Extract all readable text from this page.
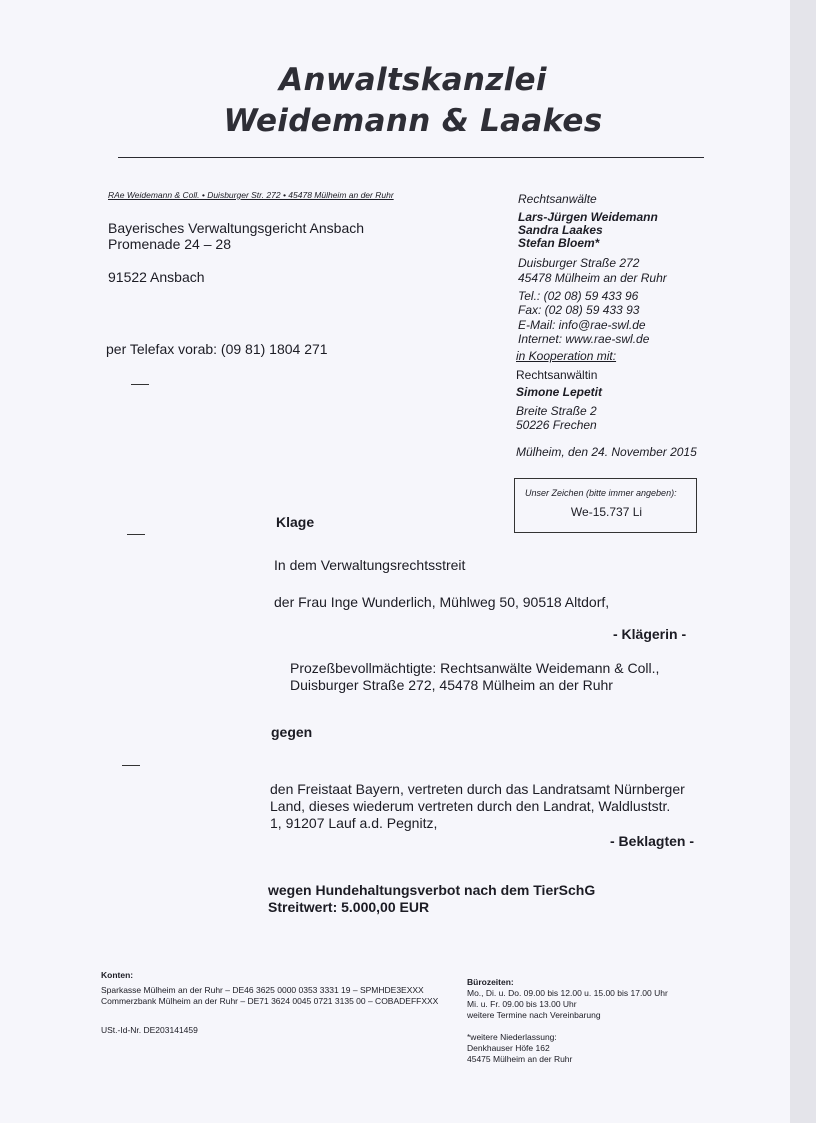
Anwaltskanzlei
Weidemann & Laakes
RAe Weidemann & Coll. • Duisburger Str. 272 • 45478 Mülheim an der Ruhr
Bayerisches Verwaltungsgericht Ansbach
Promenade 24 – 28
91522 Ansbach
per Telefax vorab: (09 81) 1804 271
Rechtsanwälte
Lars-Jürgen Weidemann
Sandra Laakes
Stefan Bloem*
Duisburger Straße 272
45478 Mülheim an der Ruhr
Tel.: (02 08) 59 433 96
Fax: (02 08) 59 433 93
E-Mail: info@rae-swl.de
Internet: www.rae-swl.de
in Kooperation mit:
Rechtsanwältin
Simone Lepetit
Breite Straße 2
50226 Frechen
Mülheim, den 24. November 2015
Unser Zeichen (bitte immer angeben):
We-15.737 Li
Klage
In dem Verwaltungsrechtsstreit
der Frau Inge Wunderlich, Mühlweg 50, 90518 Altdorf,
- Klägerin -
Prozeßbevollmächtigte: Rechtsanwälte Weidemann & Coll.,
Duisburger Straße 272, 45478 Mülheim an der Ruhr
gegen
den Freistaat Bayern, vertreten durch das Landratsamt Nürnberger
Land, dieses wiederum vertreten durch den Landrat, Waldluststr.
1, 91207 Lauf a.d. Pegnitz,
- Beklagten -
wegen Hundehaltungsverbot nach dem TierSchG
Streitwert: 5.000,00 EUR
Konten:
Sparkasse Mülheim an der Ruhr – DE46 3625 0000 0353 3331 19 – SPMHDE3EXXX
Commerzbank Mülheim an der Ruhr – DE71 3624 0045 0721 3135 00 – COBADEFFXXX
USt.-Id-Nr. DE203141459
Bürozeiten:
Mo., Di. u. Do. 09.00 bis 12.00 u. 15.00 bis 17.00 Uhr
Mi. u. Fr. 09.00 bis 13.00 Uhr
weitere Termine nach Vereinbarung
*weitere Niederlassung:
Denkhauser Höfe 162
45475 Mülheim an der Ruhr
